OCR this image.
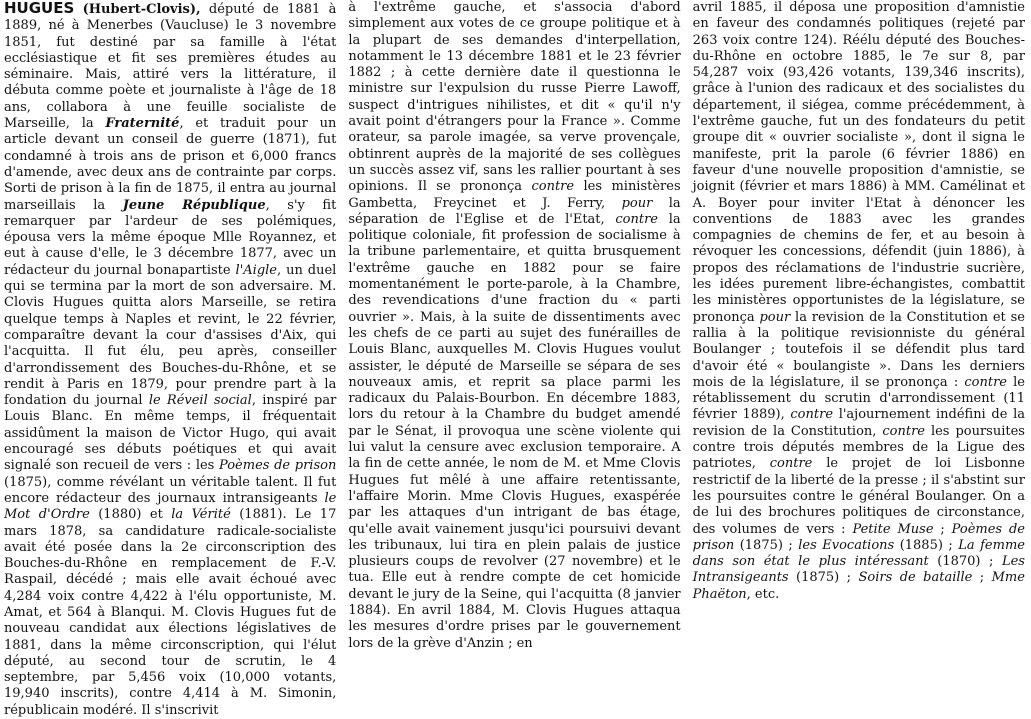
HUGUES (Hubert-Clovis), député de 1881 à 1889, né à Menerbes (Vaucluse) le 3 novembre 1851, fut destiné par sa famille à l'état ecclésiastique et fit ses premières études au séminaire. Mais, attiré vers la littérature, il débuta comme poète et journaliste à l'âge de 18 ans, collabora à une feuille socialiste de Marseille, la Fraternité, et traduit pour un article devant un conseil de guerre (1871), fut condamné à trois ans de prison et 6,000 francs d'amende, avec deux ans de contrainte par corps. Sorti de prison à la fin de 1875, il entra au journal marseillais la Jeune République, s'y fit remarquer par l'ardeur de ses polémiques, épousa vers la même époque Mlle Royannez, et eut à cause d'elle, le 3 décembre 1877, avec un rédacteur du journal bonapartiste l'Aigle, un duel qui se termina par la mort de son adversaire. M. Clovis Hugues quitta alors Marseille, se retira quelque temps à Naples et revint, le 22 février, comparaître devant la cour d'assises d'Aix, qui l'acquitta. Il fut élu, peu après, conseiller d'arrondissement des Bouches-du-Rhône, et se rendit à Paris en 1879, pour prendre part à la fondation du journal le Réveil social, inspiré par Louis Blanc. En même temps, il fréquentait assidûment la maison de Victor Hugo, qui avait encouragé ses débuts poétiques et qui avait signalé son recueil de vers : les Poèmes de prison (1875), comme révélant un véritable talent. Il fut encore rédacteur des journaux intransigeants le Mot d'Ordre (1880) et la Vérité (1881). Le 17 mars 1878, sa candidature radicale-socialiste avait été posée dans la 2e circonscription des Bouches-du-Rhône en remplacement de F.-V. Raspail, décédé ; mais elle avait échoué avec 4,284 voix contre 4,422 à l'élu opportuniste, M. Amat, et 564 à Blanqui. M. Clovis Hugues fut de nouveau candidat aux élections législatives de 1881, dans la même circonscription, qui l'élut député, au second tour de scrutin, le 4 septembre, par 5,456 voix (10,000 votants, 19,940 inscrits), contre 4,414 à M. Simonin, républicain modéré. Il s'inscrivit

à l'extrême gauche, et s'associa d'abord simplement aux votes de ce groupe politique et à la plupart de ses demandes d'interpellation, notamment le 13 décembre 1881 et le 23 février 1882 ; à cette dernière date il questionna le ministre sur l'expulsion du russe Pierre Lawoff, suspect d'intrigues nihilistes, et dit « qu'il n'y avait point d'étrangers pour la France ». Comme orateur, sa parole imagée, sa verve provençale, obtinrent auprès de la majorité de ses collègues un succès assez vif, sans les rallier pourtant à ses opinions. Il se prononça contre les ministères Gambetta, Freycinet et J. Ferry, pour la séparation de l'Eglise et de l'Etat, contre la politique coloniale, fit profession de socialisme à la tribune parlementaire, et quitta brusquement l'extrême gauche en 1882 pour se faire momentanément le porte-parole, à la Chambre, des revendications d'une fraction du « parti ouvrier ». Mais, à la suite de dissentiments avec les chefs de ce parti au sujet des funérailles de Louis Blanc, auxquelles M. Clovis Hugues voulut assister, le député de Marseille se sépara de ses nouveaux amis, et reprit sa place parmi les radicaux du Palais-Bourbon. En décembre 1883, lors du retour à la Chambre du budget amendé par le Sénat, il provoqua une scène violente qui lui valut la censure avec exclusion temporaire. A la fin de cette année, le nom de M. et Mme Clovis Hugues fut mêlé à une affaire retentissante, l'affaire Morin. Mme Clovis Hugues, exaspérée par les attaques d'un intrigant de bas étage, qu'elle avait vainement jusqu'ici poursuivi devant les tribunaux, lui tira en plein palais de justice plusieurs coups de revolver (27 novembre) et le tua. Elle eut à rendre compte de cet homicide devant le jury de la Seine, qui l'acquitta (8 janvier 1884). En avril 1884, M. Clovis Hugues attaqua les mesures d'ordre prises par le gouvernement lors de la grève d'Anzin ; en

avril 1885, il déposa une proposition d'amnistie en faveur des condamnés politiques (rejeté par 263 voix contre 124). Réélu député des Bouches-du-Rhône en octobre 1885, le 7e sur 8, par 54,287 voix (93,426 votants, 139,346 inscrits), grâce à l'union des radicaux et des socialistes du département, il siégea, comme précédemment, à l'extrême gauche, fut un des fondateurs du petit groupe dit « ouvrier socialiste », dont il signa le manifeste, prit la parole (6 février 1886) en faveur d'une nouvelle proposition d'amnistie, se joignit (février et mars 1886) à MM. Camélinat et A. Boyer pour inviter l'Etat à dénoncer les conventions de 1883 avec les grandes compagnies de chemins de fer, et au besoin à révoquer les concessions, défendit (juin 1886), à propos des réclamations de l'industrie sucrière, les idées purement libre-échangistes, combattit les ministères opportunistes de la législature, se prononça pour la revision de la Constitution et se rallia à la politique revisionniste du général Boulanger ; toutefois il se défendit plus tard d'avoir été « boulangiste ». Dans les derniers mois de la législature, il se prononça : contre le rétablissement du scrutin d'arrondissement (11 février 1889), contre l'ajournement indéfini de la revision de la Constitution, contre les poursuites contre trois députés membres de la Ligue des patriotes, contre le projet de loi Lisbonne restrictif de la liberté de la presse ; il s'abstint sur les poursuites contre le général Boulanger. On a de lui des brochures politiques de circonstance, des volumes de vers : Petite Muse ; Poèmes de prison (1875) ; les Evocations (1885) ; La femme dans son état le plus intéressant (1870) ; Les Intransigeants (1875) ; Soirs de bataille ; Mme Phaëton, etc.
